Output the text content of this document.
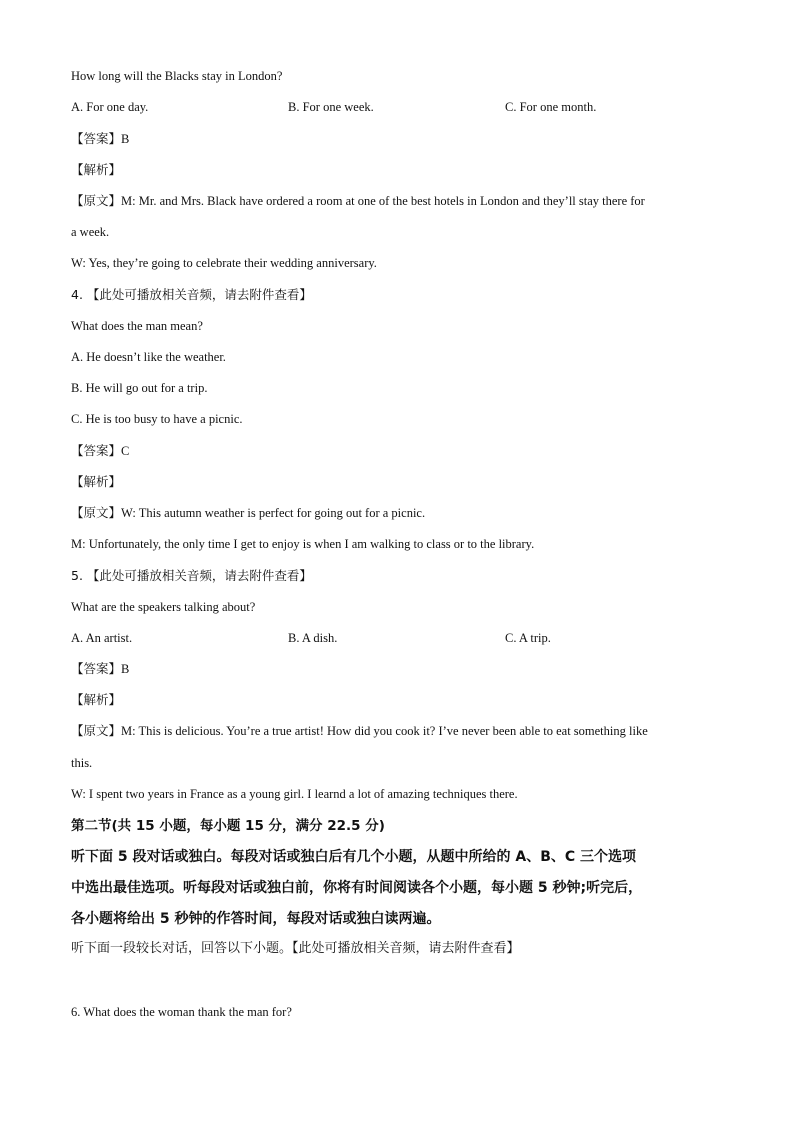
How long will the Blacks stay in London?
A. For one day.	B. For one week.	C. For one month.
【答案】B
【解析】
【原文】M: Mr. and Mrs. Black have ordered a room at one of the best hotels in London and they’ll stay there for
a week.
W: Yes, they’re going to celebrate their wedding anniversary.
4. 【此处可播放相关音频，请去附件查看】
What does the man mean?
A. He doesn’t like the weather.
B. He will go out for a trip.
C. He is too busy to have a picnic.
【答案】C
【解析】
【原文】W: This autumn weather is perfect for going out for a picnic.
M: Unfortunately, the only time I get to enjoy is when I am walking to class or to the library.
5. 【此处可播放相关音频，请去附件查看】
What are the speakers talking about?
A. An artist.	B. A dish.	C. A trip.
【答案】B
【解析】
【原文】M: This is delicious. You’re a true artist! How did you cook it? I’ve never been able to eat something like
this.
W: I spent two years in France as a young girl. I learnd a lot of amazing techniques there.
第二节(共 15 小题，每小题 15 分，满分 22.5 分)
听下面 5 段对话或独白。每段对话或独白后有几个小题，从题中所给的 A、B、C 三个选项
中选出最佳选项。听每段对话或独白前，你将有时间阅读各个小题，每小题 5 秒钟;听完后，
各小题将给出 5 秒钟的作答时间，每段对话或独白读两遍。
听下面一段较长对话，回答以下小题。【此处可播放相关音频，请去附件查看】
6. What does the woman thank the man for?
